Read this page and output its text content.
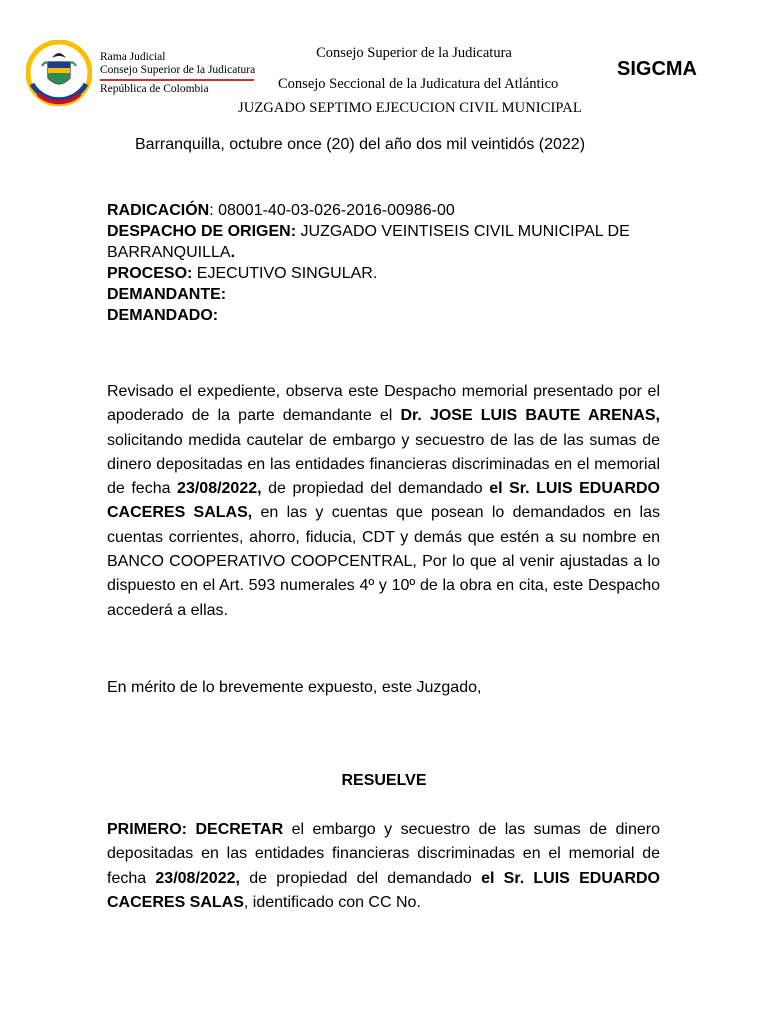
Rama Judicial
Consejo Superior de la Judicatura
República de Colombia
Consejo Superior de la Judicatura
Consejo Seccional de la Judicatura del Atlántico
JUZGADO SEPTIMO EJECUCION CIVIL MUNICIPAL
SIGCMA
Barranquilla, octubre once (20) del año dos mil veintidós (2022)
RADICACIÓN: 08001-40-03-026-2016-00986-00
DESPACHO DE ORIGEN: JUZGADO VEINTISEIS CIVIL MUNICIPAL DE BARRANQUILLA.
PROCESO: EJECUTIVO SINGULAR.
DEMANDANTE:
DEMANDADO:
Revisado el expediente, observa este Despacho memorial presentado por el apoderado de la parte demandante el Dr. JOSE LUIS BAUTE ARENAS, solicitando medida cautelar de embargo y secuestro de las de las sumas de dinero depositadas en las entidades financieras discriminadas en el memorial de fecha 23/08/2022, de propiedad del demandado el Sr. LUIS EDUARDO CACERES SALAS, en las y cuentas que posean lo demandados en las cuentas corrientes, ahorro, fiducia, CDT y demás que estén a su nombre en BANCO COOPERATIVO COOPCENTRAL, Por lo que al venir ajustadas a lo dispuesto en el Art. 593 numerales 4º y 10º de la obra en cita, este Despacho accederá a ellas.
En mérito de lo brevemente expuesto, este Juzgado,
RESUELVE
PRIMERO: DECRETAR el embargo y secuestro de las sumas de dinero depositadas en las entidades financieras discriminadas en el memorial de fecha 23/08/2022, de propiedad del demandado el Sr. LUIS EDUARDO CACERES SALAS, identificado con CC No.
